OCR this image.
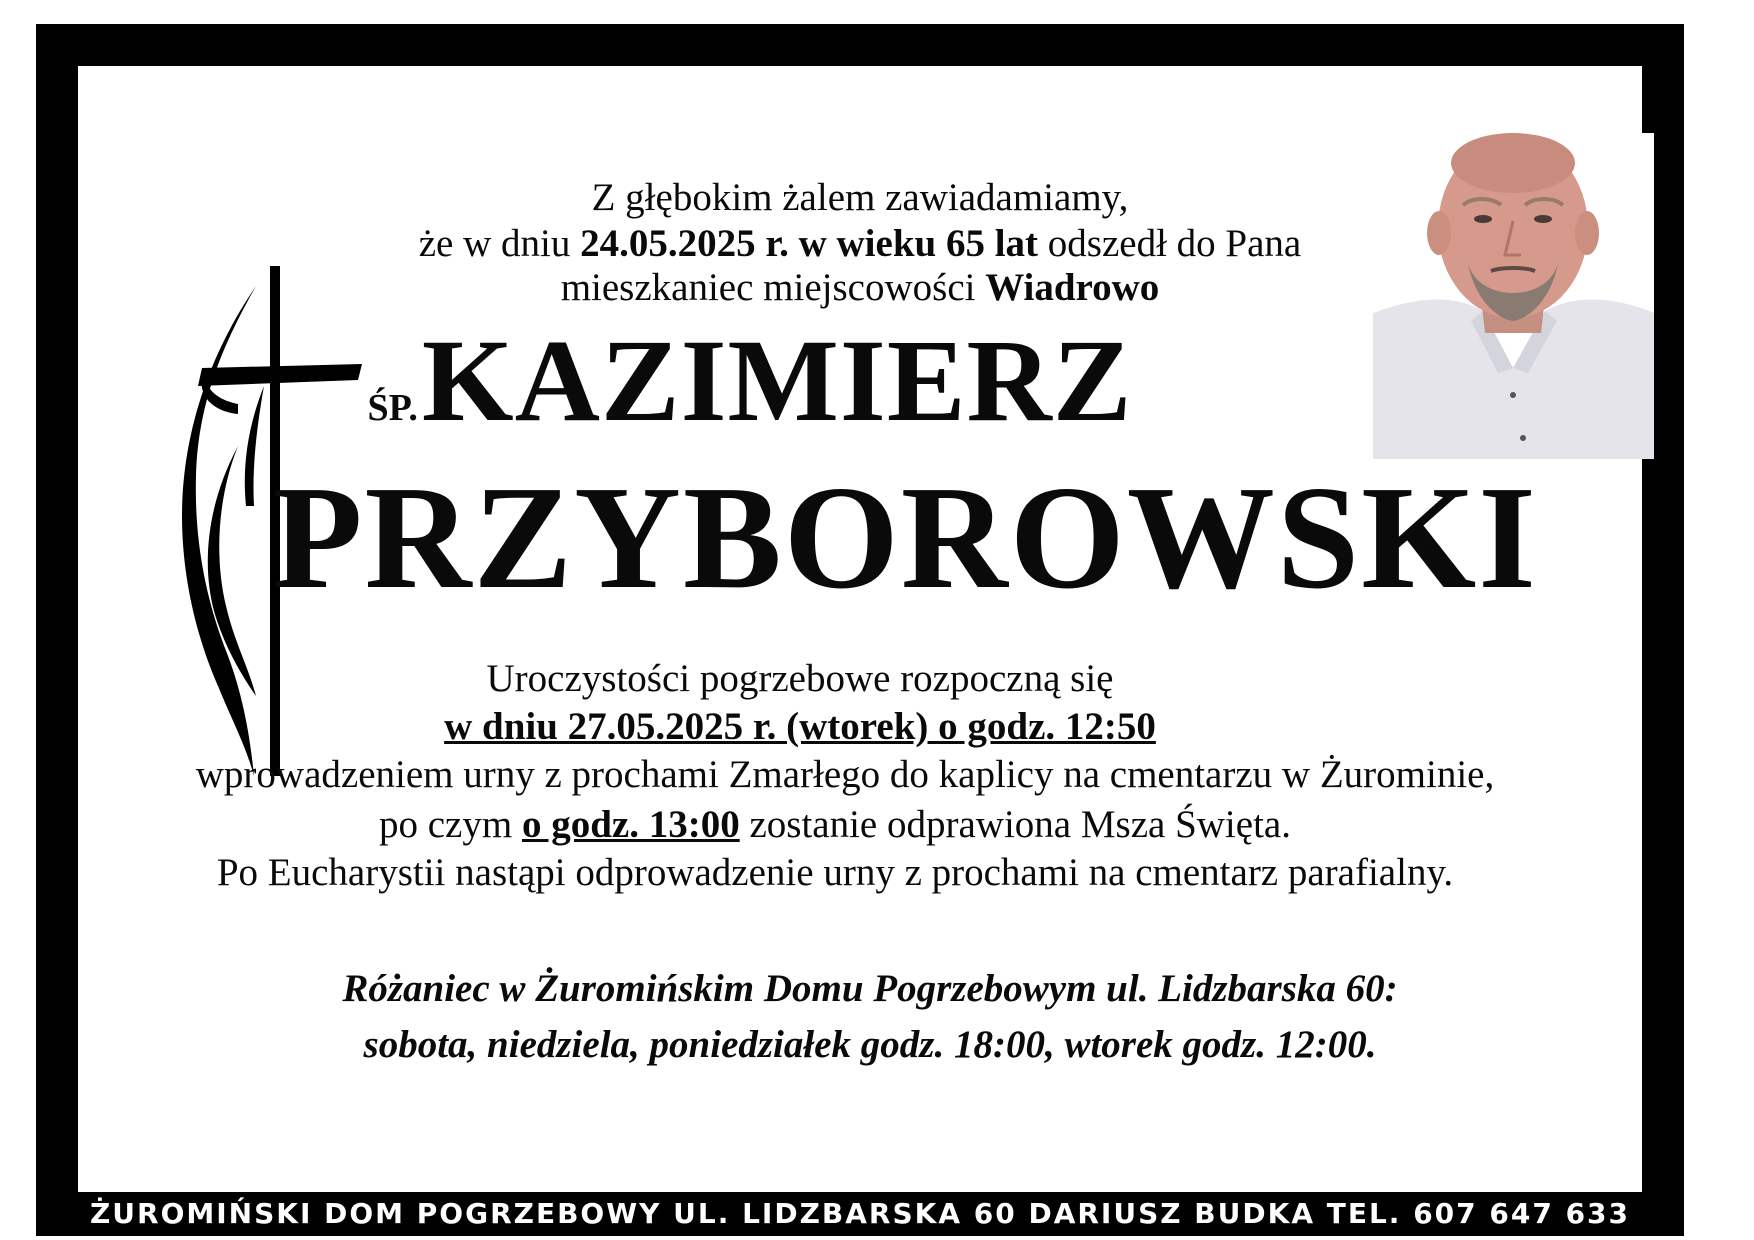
Z głębokim żalem zawiadamiamy,
że w dniu 24.05.2025 r. w wieku 65 lat odszedł do Pana
mieszkaniec miejscowości Wiadrowo
ŚP. KAZIMIERZ
PRZYBOROWSKI
Uroczystości pogrzebowe rozpoczną się
w dniu 27.05.2025 r. (wtorek) o godz. 12:50
wprowadzeniem urny z prochami Zmarłego do kaplicy na cmentarzu w Żurominie,
po czym o godz. 13:00 zostanie odprawiona Msza Święta.
Po Eucharystii nastąpi odprowadzenie urny z prochami na cmentarz parafialny.
Różaniec w Żuromińskim Domu Pogrzebowym ul. Lidzbarska 60:
sobota, niedziela, poniedziałek godz. 18:00, wtorek godz. 12:00.
ŻUROMIŃSKI DOM POGRZEBOWY UL. LIDZBARSKA 60 DARIUSZ BUDKA TEL. 607 647 633
